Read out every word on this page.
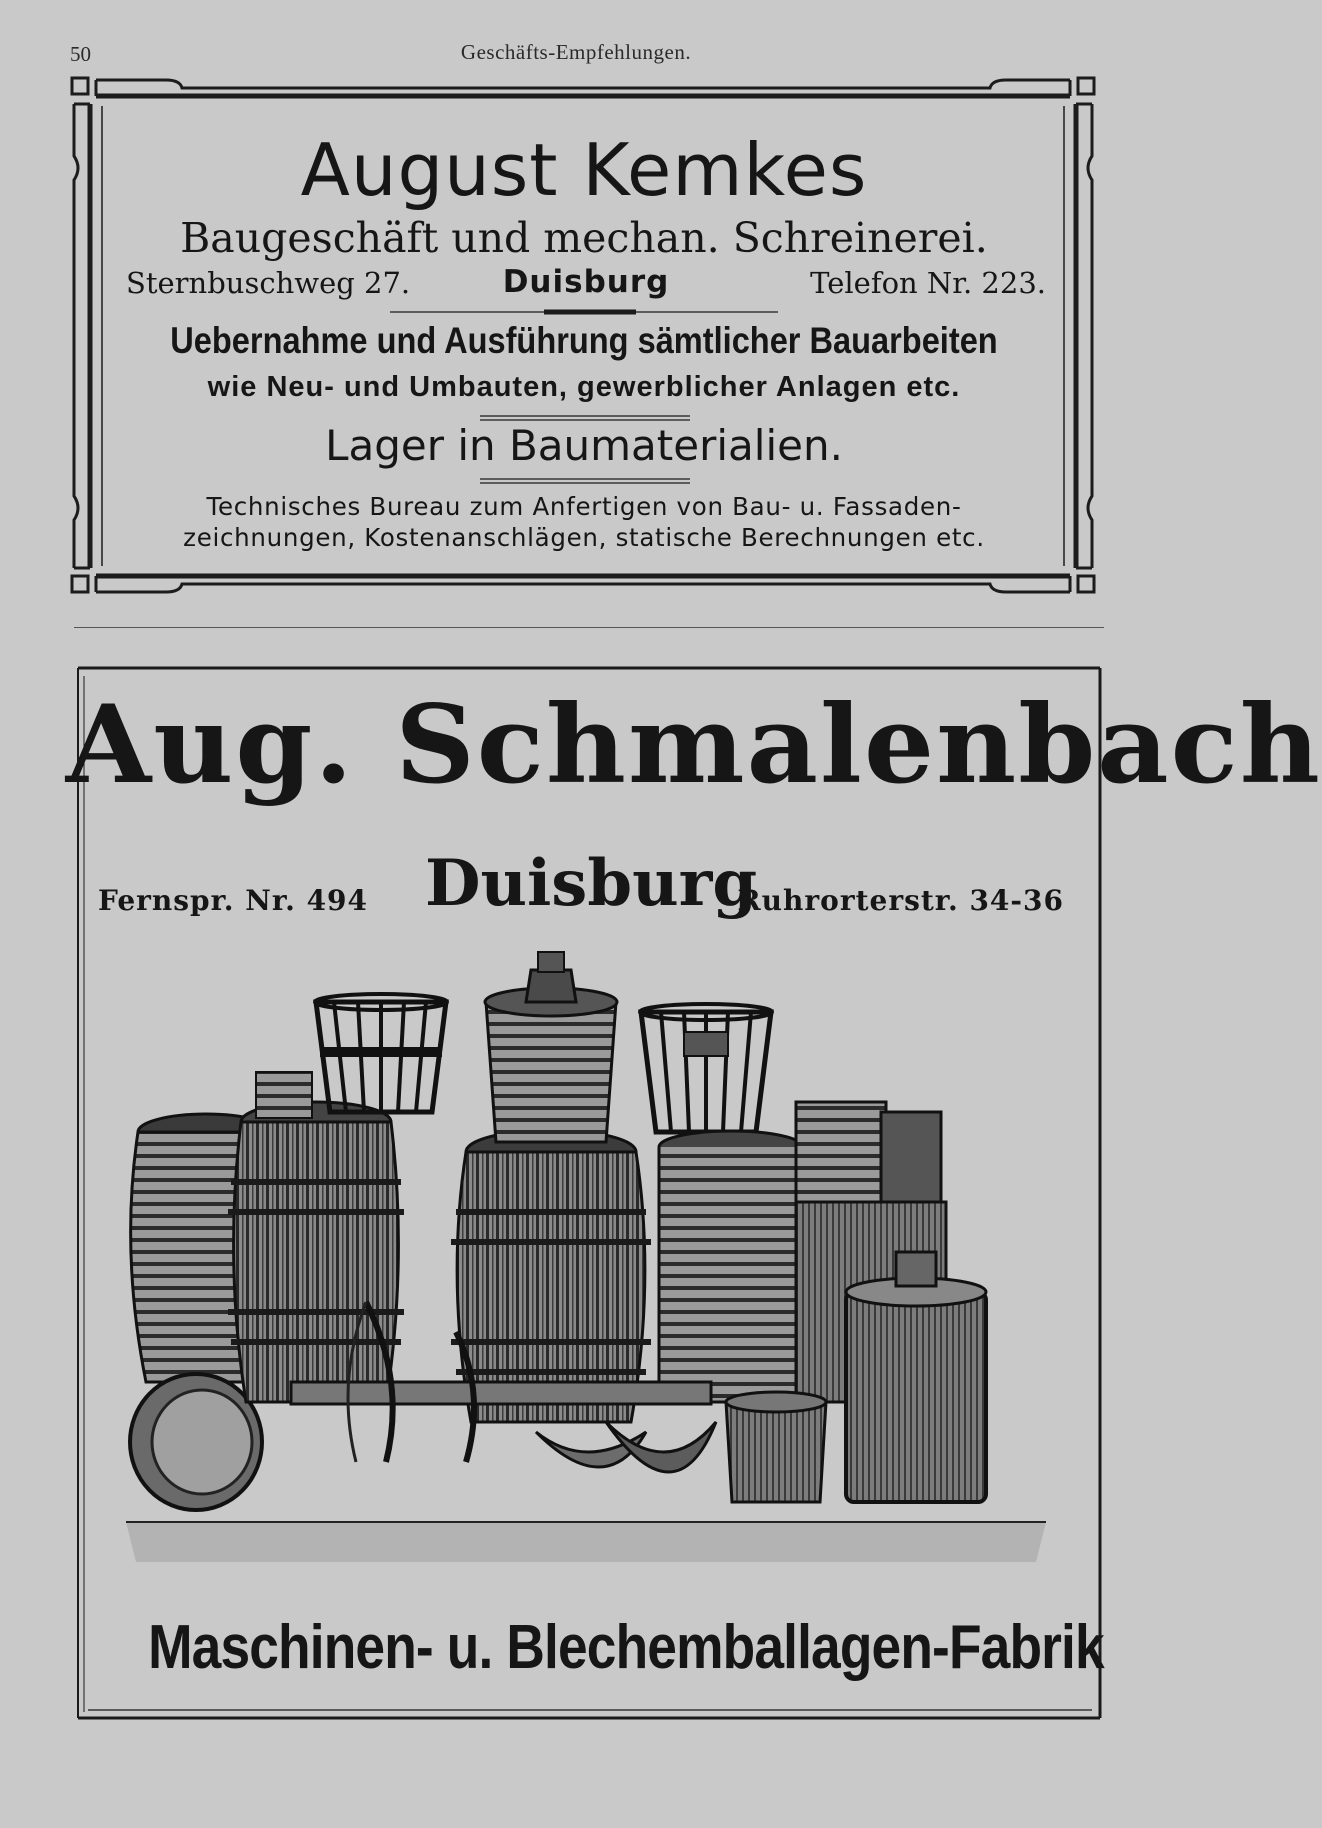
50	Geschäfts-Empfehlungen.
August Kemkes
Baugeschäft und mechan. Schreinerei.
Sternbuschweg 27.	Duisburg	Telefon Nr. 223.
Uebernahme und Ausführung sämtlicher Bauarbeiten
wie Neu- und Umbauten, gewerblicher Anlagen etc.
Lager in Baumaterialien.
Technisches Bureau zum Anfertigen von Bau- u. Fassaden-
zeichnungen, Kostenanschlägen, statische Berechnungen etc.
Aug. Schmalenbach
Fernspr. Nr. 494 Duisburg
Ruhrorterstr. 34-36
Maschinen- u. Blechemballagen-Fabrik
